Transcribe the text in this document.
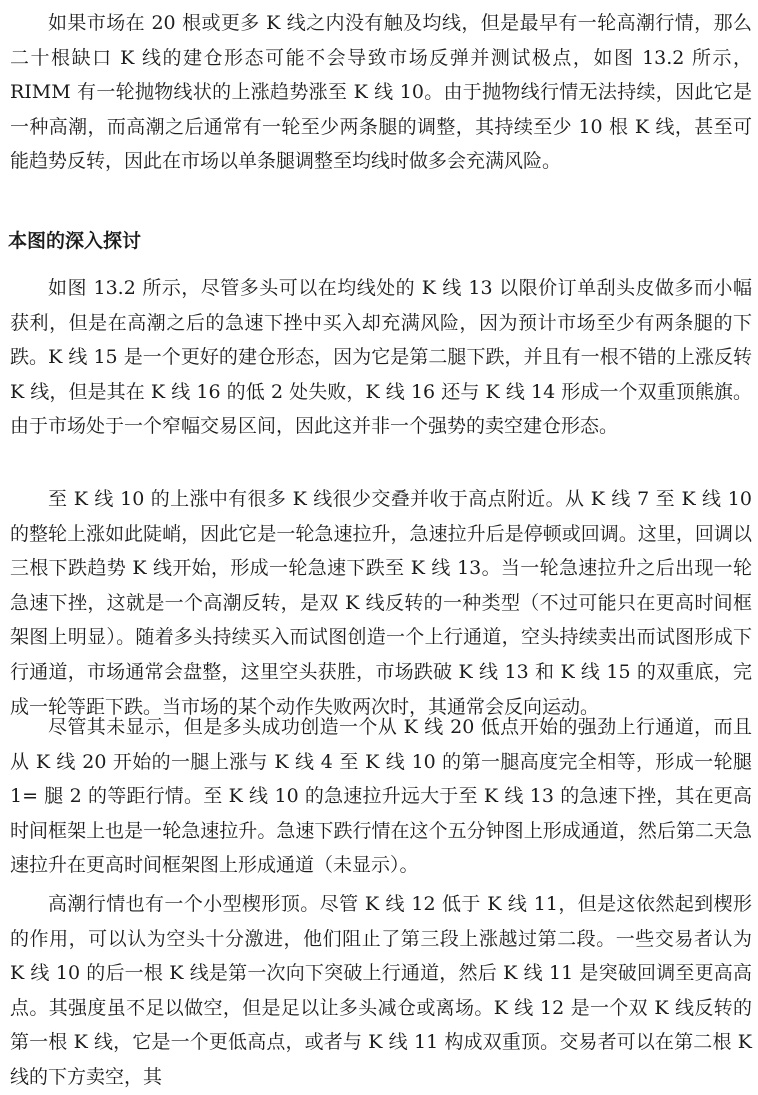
如果市场在 20 根或更多 K 线之内没有触及均线，但是最早有一轮高潮行情，那么二十根缺口 K 线的建仓形态可能不会导致市场反弹并测试极点，如图 13.2 所示，RIMM 有一轮抛物线状的上涨趋势涨至 K 线 10。由于抛物线行情无法持续，因此它是一种高潮，而高潮之后通常有一轮至少两条腿的调整，其持续至少 10 根 K 线，甚至可能趋势反转，因此在市场以单条腿调整至均线时做多会充满风险。

本图的深入探讨

如图 13.2 所示，尽管多头可以在均线处的 K 线 13 以限价订单刮头皮做多而小幅获利，但是在高潮之后的急速下挫中买入却充满风险，因为预计市场至少有两条腿的下跌。K 线 15 是一个更好的建仓形态，因为它是第二腿下跌，并且有一根不错的上涨反转 K 线，但是其在 K 线 16 的低 2 处失败，K 线 16 还与 K 线 14 形成一个双重顶熊旗。由于市场处于一个窄幅交易区间，因此这并非一个强势的卖空建仓形态。

至 K 线 10 的上涨中有很多 K 线很少交叠并收于高点附近。从 K 线 7 至 K 线 10 的整轮上涨如此陡峭，因此它是一轮急速拉升，急速拉升后是停顿或回调。这里，回调以三根下跌趋势 K 线开始，形成一轮急速下跌至 K 线 13。当一轮急速拉升之后出现一轮急速下挫，这就是一个高潮反转，是双 K 线反转的一种类型（不过可能只在更高时间框架图上明显）。随着多头持续买入而试图创造一个上行通道，空头持续卖出而试图形成下行通道，市场通常会盘整，这里空头获胜，市场跌破 K 线 13 和 K 线 15 的双重底，完成一轮等距下跌。当市场的某个动作失败两次时，其通常会反向运动。

尽管其未显示，但是多头成功创造一个从 K 线 20 低点开始的强劲上行通道，而且从 K 线 20 开始的一腿上涨与 K 线 4 至 K 线 10 的第一腿高度完全相等，形成一轮腿 1= 腿 2 的等距行情。至 K 线 10 的急速拉升远大于至 K 线 13 的急速下挫，其在更高时间框架上也是一轮急速拉升。急速下跌行情在这个五分钟图上形成通道，然后第二天急速拉升在更高时间框架图上形成通道（未显示）。

高潮行情也有一个小型楔形顶。尽管 K 线 12 低于 K 线 11，但是这依然起到楔形的作用，可以认为空头十分激进，他们阻止了第三段上涨越过第二段。一些交易者认为 K 线 10 的后一根 K 线是第一次向下突破上行通道，然后 K 线 11 是突破回调至更高高点。其强度虽不足以做空，但是足以让多头减仓或离场。K 线 12 是一个双 K 线反转的第一根 K 线，它是一个更低高点，或者与 K 线 11 构成双重顶。交易者可以在第二根 K 线的下方卖空，其
